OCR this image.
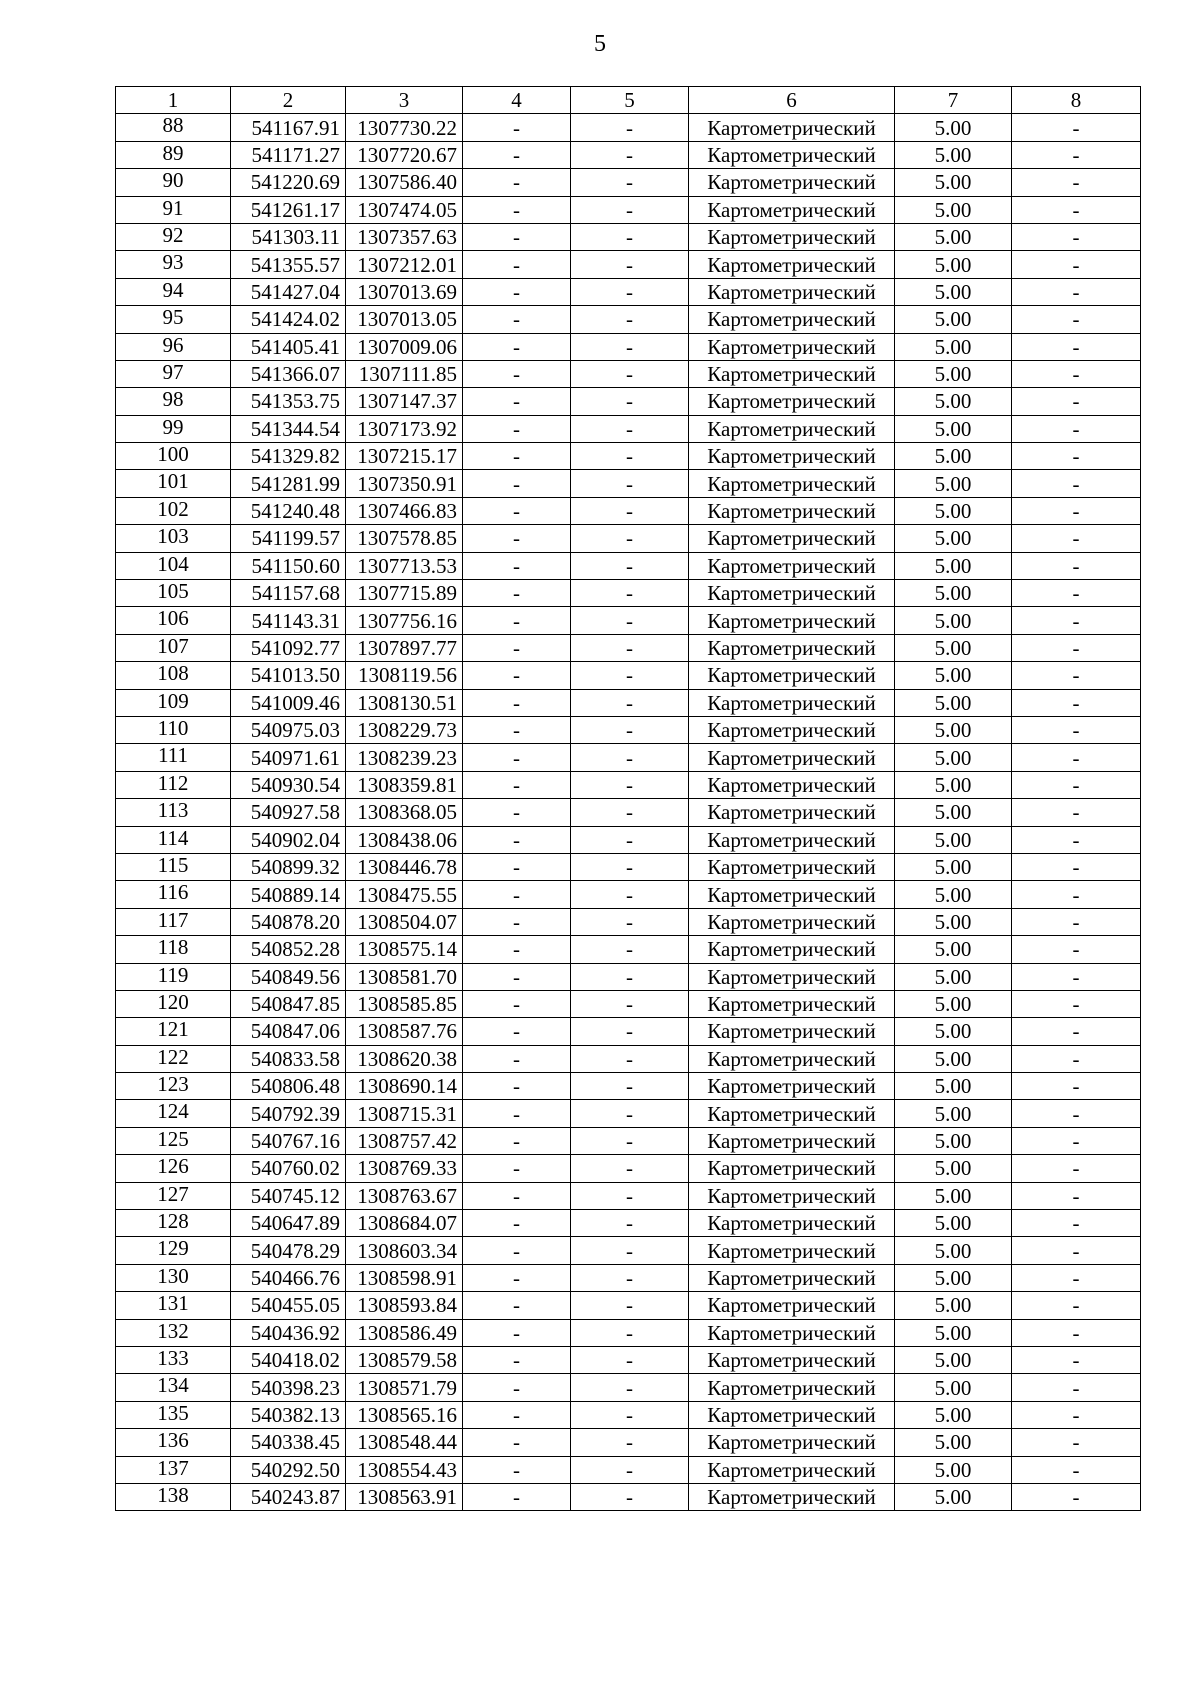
5
1	2	3	4	5	6	7	8
88	541167.91	1307730.22	-	-	Картометрический	5.00	-
89	541171.27	1307720.67	-	-	Картометрический	5.00	-
90	541220.69	1307586.40	-	-	Картометрический	5.00	-
91	541261.17	1307474.05	-	-	Картометрический	5.00	-
92	541303.11	1307357.63	-	-	Картометрический	5.00	-
93	541355.57	1307212.01	-	-	Картометрический	5.00	-
94	541427.04	1307013.69	-	-	Картометрический	5.00	-
95	541424.02	1307013.05	-	-	Картометрический	5.00	-
96	541405.41	1307009.06	-	-	Картометрический	5.00	-
97	541366.07	1307111.85	-	-	Картометрический	5.00	-
98	541353.75	1307147.37	-	-	Картометрический	5.00	-
99	541344.54	1307173.92	-	-	Картометрический	5.00	-
100	541329.82	1307215.17	-	-	Картометрический	5.00	-
101	541281.99	1307350.91	-	-	Картометрический	5.00	-
102	541240.48	1307466.83	-	-	Картометрический	5.00	-
103	541199.57	1307578.85	-	-	Картометрический	5.00	-
104	541150.60	1307713.53	-	-	Картометрический	5.00	-
105	541157.68	1307715.89	-	-	Картометрический	5.00	-
106	541143.31	1307756.16	-	-	Картометрический	5.00	-
107	541092.77	1307897.77	-	-	Картометрический	5.00	-
108	541013.50	1308119.56	-	-	Картометрический	5.00	-
109	541009.46	1308130.51	-	-	Картометрический	5.00	-
110	540975.03	1308229.73	-	-	Картометрический	5.00	-
111	540971.61	1308239.23	-	-	Картометрический	5.00	-
112	540930.54	1308359.81	-	-	Картометрический	5.00	-
113	540927.58	1308368.05	-	-	Картометрический	5.00	-
114	540902.04	1308438.06	-	-	Картометрический	5.00	-
115	540899.32	1308446.78	-	-	Картометрический	5.00	-
116	540889.14	1308475.55	-	-	Картометрический	5.00	-
117	540878.20	1308504.07	-	-	Картометрический	5.00	-
118	540852.28	1308575.14	-	-	Картометрический	5.00	-
119	540849.56	1308581.70	-	-	Картометрический	5.00	-
120	540847.85	1308585.85	-	-	Картометрический	5.00	-
121	540847.06	1308587.76	-	-	Картометрический	5.00	-
122	540833.58	1308620.38	-	-	Картометрический	5.00	-
123	540806.48	1308690.14	-	-	Картометрический	5.00	-
124	540792.39	1308715.31	-	-	Картометрический	5.00	-
125	540767.16	1308757.42	-	-	Картометрический	5.00	-
126	540760.02	1308769.33	-	-	Картометрический	5.00	-
127	540745.12	1308763.67	-	-	Картометрический	5.00	-
128	540647.89	1308684.07	-	-	Картометрический	5.00	-
129	540478.29	1308603.34	-	-	Картометрический	5.00	-
130	540466.76	1308598.91	-	-	Картометрический	5.00	-
131	540455.05	1308593.84	-	-	Картометрический	5.00	-
132	540436.92	1308586.49	-	-	Картометрический	5.00	-
133	540418.02	1308579.58	-	-	Картометрический	5.00	-
134	540398.23	1308571.79	-	-	Картометрический	5.00	-
135	540382.13	1308565.16	-	-	Картометрический	5.00	-
136	540338.45	1308548.44	-	-	Картометрический	5.00	-
137	540292.50	1308554.43	-	-	Картометрический	5.00	-
138	540243.87	1308563.91	-	-	Картометрический	5.00	-
